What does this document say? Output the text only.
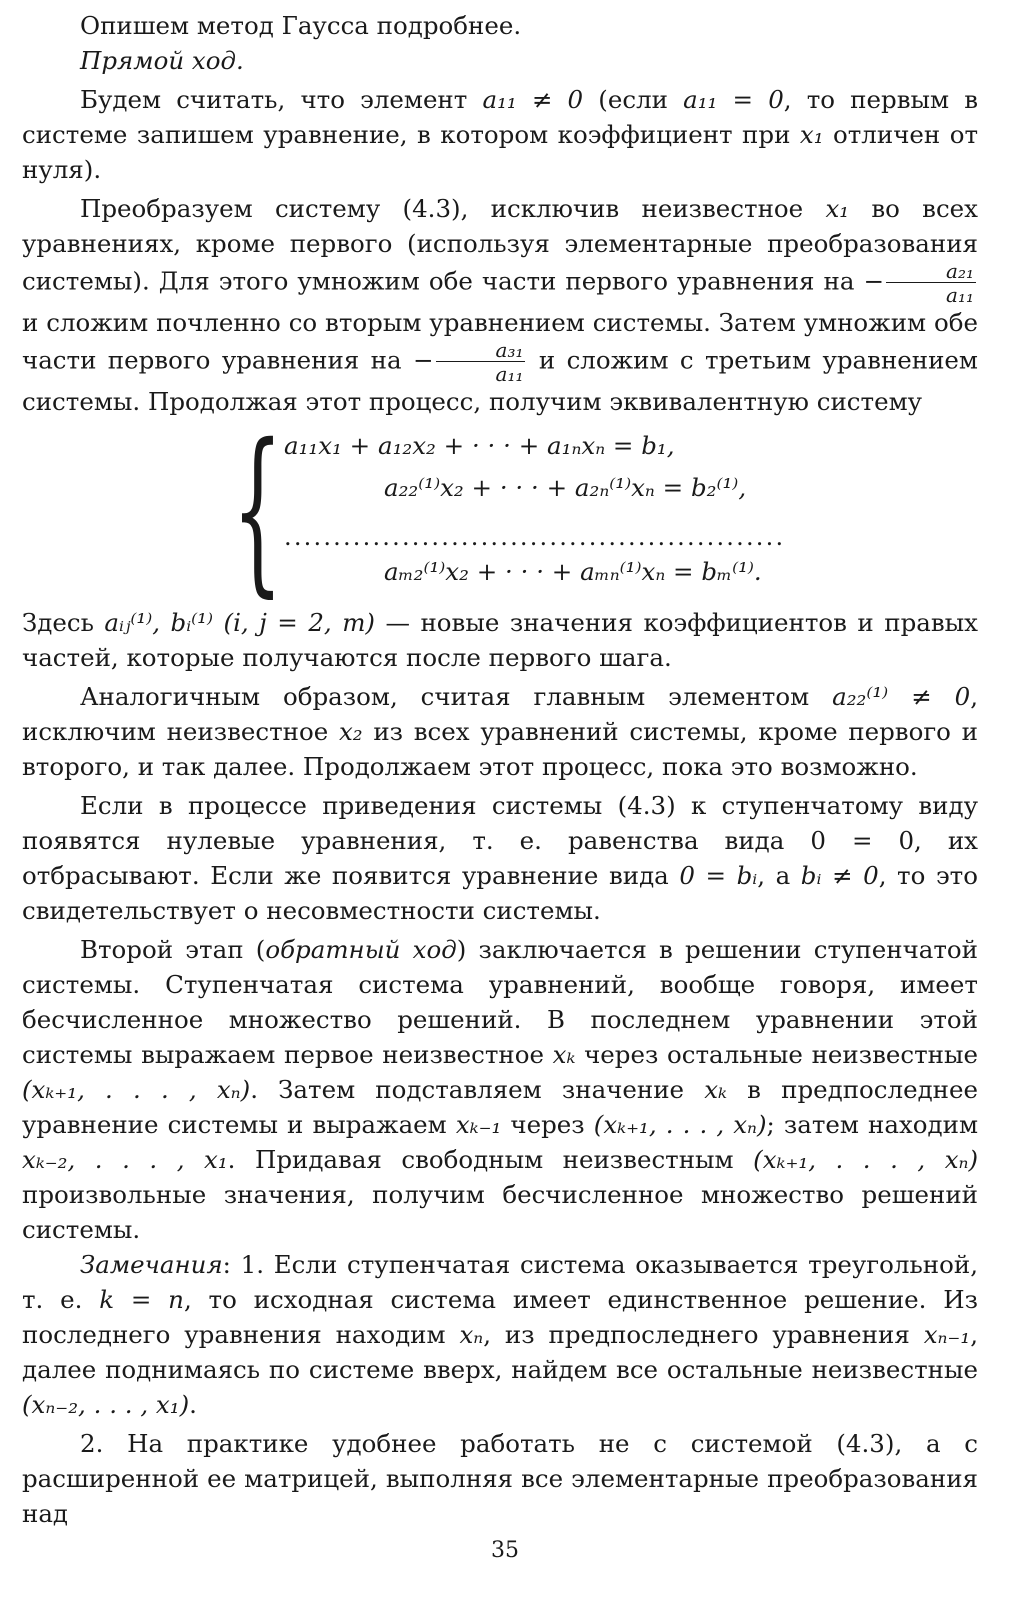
Опишем метод Гаусса подробнее.

Прямой ход.

Будем считать, что элемент a₁₁ ≠ 0 (если a₁₁ = 0, то первым в системе запишем уравнение, в котором коэффициент при x₁ отличен от нуля).

Преобразуем систему (4.3), исключив неизвестное x₁ во всех уравнениях, кроме первого (используя элементарные преобразования системы). Для этого умножим обе части первого уравнения на − $\frac{\text{a₂₁}}{\text{a₁₁}}$
и сложим почленно со вторым уравнением системы. Затем умножим обе части первого уравнения на − $\frac{\text{a₃₁}}{\text{a₁₁}}$ и сложим с третьим уравнением системы. Продолжая этот процесс, получим эквивалентную систему

{ a₁₁x₁ + a₁₂x₂ + · · · + a₁ₙxₙ = b₁,
a₂₂⁽¹⁾x₂ + · · · + a₂ₙ⁽¹⁾xₙ = b₂⁽¹⁾,
...................................................
aₘ₂⁽¹⁾x₂ + · · · + aₘₙ⁽¹⁾xₙ = bₘ⁽¹⁾.

Здесь aᵢⱼ⁽¹⁾, bᵢ⁽¹⁾ (i, j = 2, m) — новые значения коэффициентов и правых частей, которые получаются после первого шага.

Аналогичным образом, считая главным элементом a₂₂⁽¹⁾ ≠ 0, исключим неизвестное x₂ из всех уравнений системы, кроме первого и второго, и так далее. Продолжаем этот процесс, пока это возможно.

Если в процессе приведения системы (4.3) к ступенчатому виду появятся нулевые уравнения, т. е. равенства вида 0 = 0, их отбрасывают. Если же появится уравнение вида 0 = bᵢ, а bᵢ ≠ 0, то это свидетельствует о несовместности системы.

Второй этап (обратный ход) заключается в решении ступенчатой системы. Ступенчатая система уравнений, вообще говоря, имеет бесчисленное множество решений. В последнем уравнении этой системы выражаем первое неизвестное xₖ через остальные неизвестные (xₖ₊₁, . . . , xₙ). Затем подставляем значение xₖ в предпоследнее уравнение системы и выражаем xₖ₋₁ через (xₖ₊₁, . . . , xₙ); затем находим xₖ₋₂, . . . , x₁. Придавая свободным неизвестным (xₖ₊₁, . . . , xₙ) произвольные значения, получим бесчисленное множество решений системы.

Замечания: 1. Если ступенчатая система оказывается треугольной, т. е. k = n, то исходная система имеет единственное решение. Из последнего уравнения находим xₙ, из предпоследнего уравнения xₙ₋₁, далее поднимаясь по системе вверх, найдем все остальные неизвестные (xₙ₋₂, . . . , x₁).

2. На практике удобнее работать не с системой (4.3), а с расширенной ее матрицей, выполняя все элементарные преобразования над

35
